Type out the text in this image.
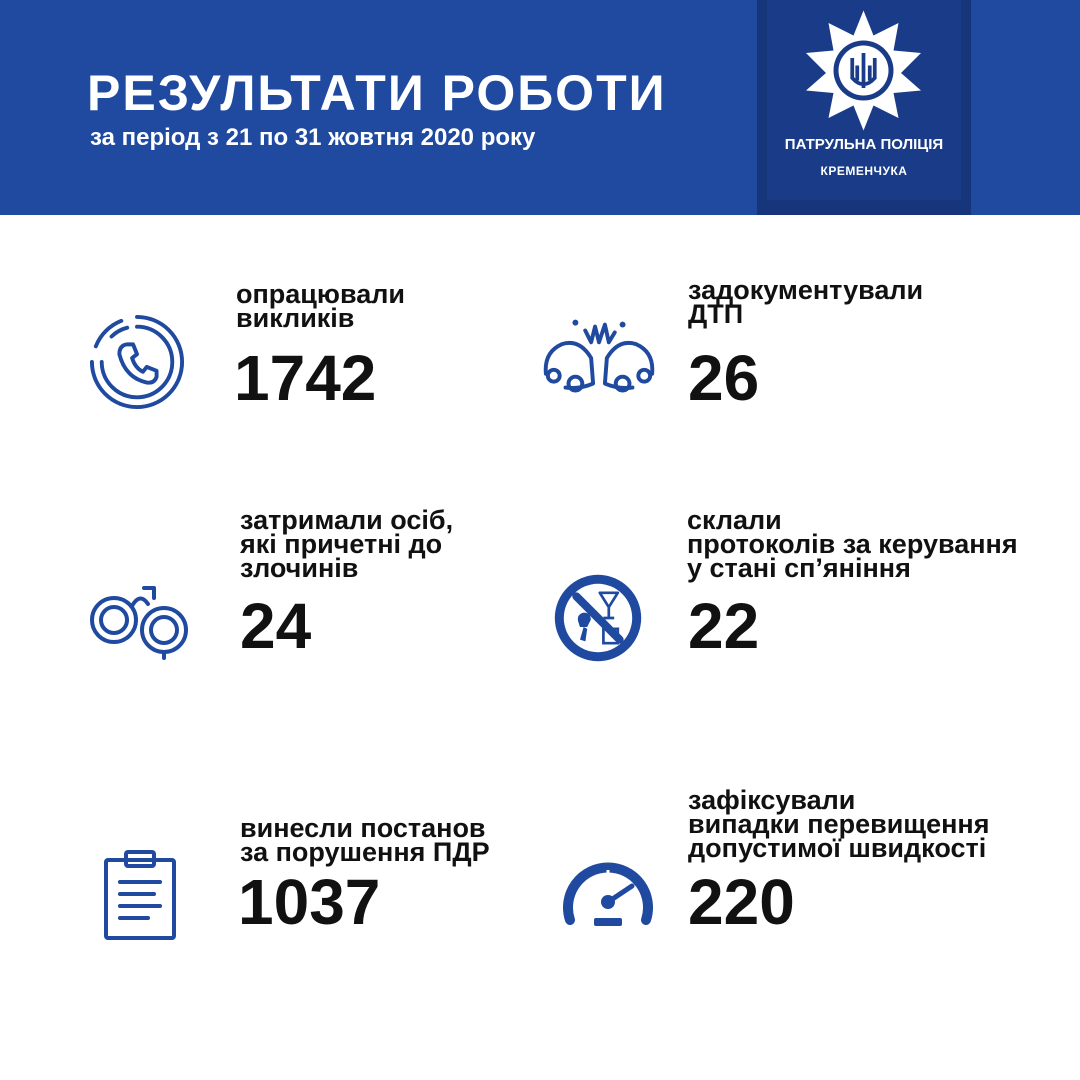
РЕЗУЛЬТАТИ РОБОТИ
за період з 21 по 31 жовтня 2020 року	ПАТРУЛЬНА ПОЛІЦІЯ
КРЕМЕНЧУКА
опрацювали
викликів
1742
задокументували
ДТП
26
затримали осіб,
які причетні до
злочинів
24
склали
протоколів за керування
у стані сп’яніння
22
винесли постанов
за порушення ПДР
1037
зафіксували
випадки перевищення
допустимої швидкості
220
